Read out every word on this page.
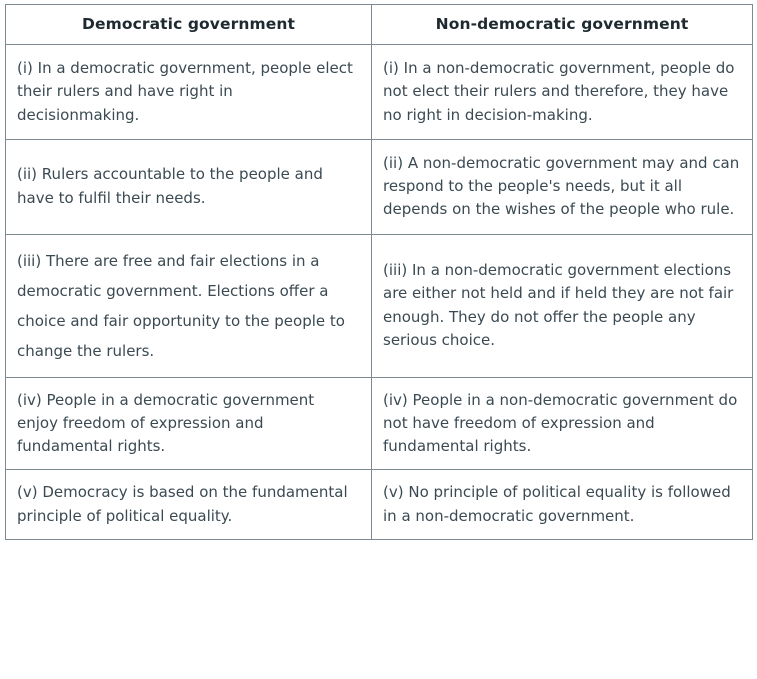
Democratic government	Non-democratic government
(i) In a democratic government, people elect their rulers and have right in decisionmaking.	(i) In a non-democratic government, people do not elect their rulers and therefore, they have no right in decision-making.
(ii) Rulers accountable to the people and have to fulfil their needs.	(ii) A non-democratic government may and can respond to the people's needs, but it all depends on the wishes of the people who rule.
(iii) There are free and fair elections in a democratic government. Elections offer a choice and fair opportunity to the people to change the rulers.	(iii) In a non-democratic government elections are either not held and if held they are not fair enough. They do not offer the people any serious choice.
(iv) People in a democratic government enjoy freedom of expression and fundamental rights.	(iv) People in a non-democratic government do not have freedom of expression and fundamental rights.
(v) Democracy is based on the fundamental principle of political equality.	(v) No principle of political equality is followed in a non-democratic government.
